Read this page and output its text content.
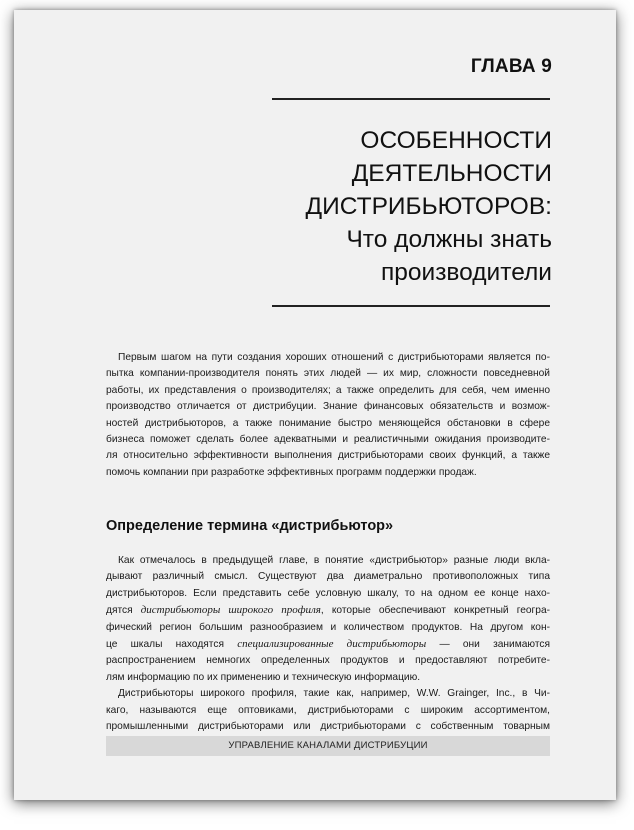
ГЛАВА 9
ОСОБЕННОСТИ
ДЕЯТЕЛЬНОСТИ
ДИСТРИБЬЮТОРОВ:
Что должны знать
производители
Первым шагом на пути создания хороших отношений с дистрибьюторами является по-
пытка компании-производителя понять этих людей — их мир, сложности повседневной
работы, их представления о производителях; а также определить для себя, чем именно
производство отличается от дистрибуции. Знание финансовых обязательств и возмож-
ностей дистрибьюторов, а также понимание быстро меняющейся обстановки в сфере
бизнеса поможет сделать более адекватными и реалистичными ожидания производите-
ля относительно эффективности выполнения дистрибьюторами своих функций, а также
помочь компании при разработке эффективных программ поддержки продаж.
Определение термина «дистрибьютор»
Как отмечалось в предыдущей главе, в понятие «дистрибьютор» разные люди вкла-
дывают различный смысл. Существуют два диаметрально противоположных типа
дистрибьюторов. Если представить себе условную шкалу, то на одном ее конце нахо-
дятся дистрибьюторы широкого профиля, которые обеспечивают конкретный геогра-
фический регион большим разнообразием и количеством продуктов. На другом кон-
це шкалы находятся специализированные дистрибьюторы — они занимаются
распространением немногих определенных продуктов и предоставляют потребите-
лям информацию по их применению и техническую информацию.
Дистрибьюторы широкого профиля, такие как, например, W.W. Grainger, Inc., в Чи-
каго, называются еще оптовиками, дистрибьюторами с широким ассортиментом,
промышленными дистрибьюторами или дистрибьюторами с собственным товарным
УПРАВЛЕНИЕ КАНАЛАМИ ДИСТРИБУЦИИ
